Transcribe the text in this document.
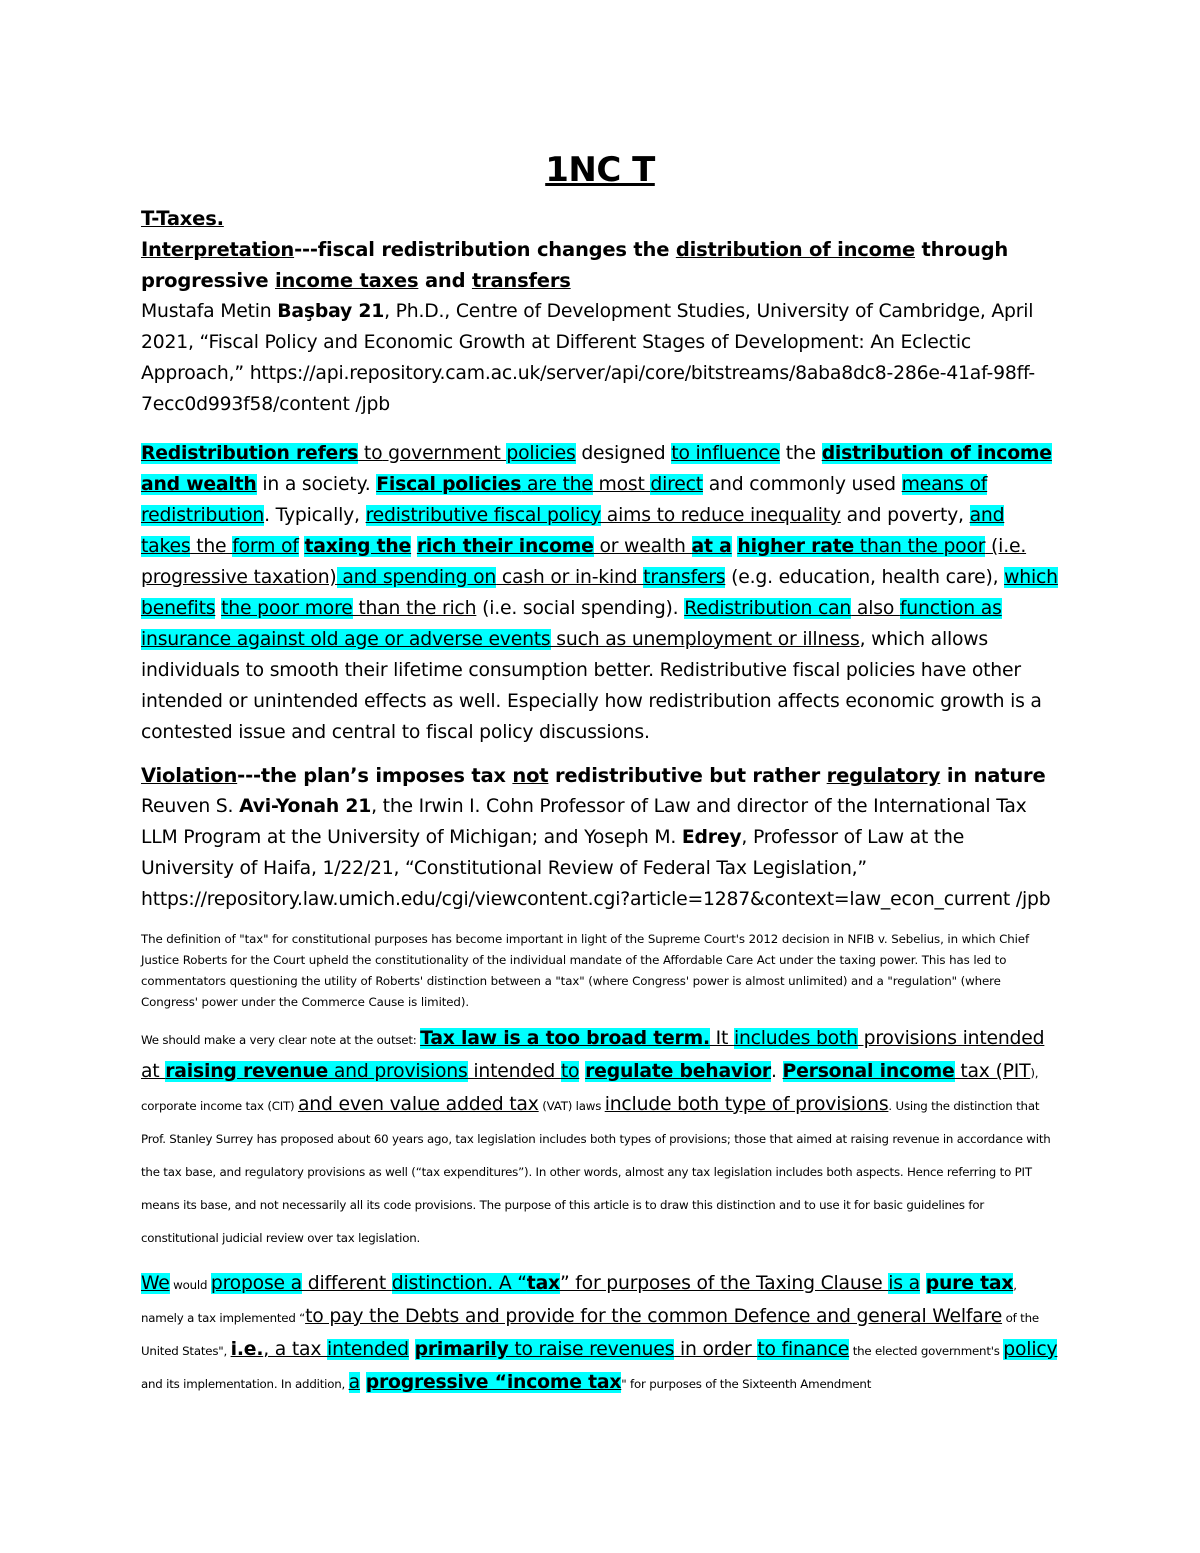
1NC T

T-Taxes.

Interpretation---fiscal redistribution changes the distribution of income through progressive income taxes and transfers

Mustafa Metin Başbay 21, Ph.D., Centre of Development Studies, University of Cambridge, April 2021, “Fiscal Policy and Economic Growth at Different Stages of Development: An Eclectic Approach,” https://api.repository.cam.ac.uk/server/api/core/bitstreams/8aba8dc8-286e-41af-98ff-7ecc0d993f58/content /jpb

Redistribution refers to government policies designed to influence the distribution of income and wealth in a society. Fiscal policies are the most direct and commonly used means of redistribution. Typically, redistributive fiscal policy aims to reduce inequality and poverty, and takes the form of taxing the rich their income or wealth at a higher rate than the poor (i.e. progressive taxation) and spending on cash or in-kind transfers (e.g. education, health care), which benefits the poor more than the rich (i.e. social spending). Redistribution can also function as insurance against old age or adverse events such as unemployment or illness, which allows individuals to smooth their lifetime consumption better. Redistributive fiscal policies have other intended or unintended effects as well. Especially how redistribution affects economic growth is a contested issue and central to fiscal policy discussions.

Violation---the plan’s imposes tax not redistributive but rather regulatory in nature

Reuven S. Avi-Yonah 21, the Irwin I. Cohn Professor of Law and director of the International Tax LLM Program at the University of Michigan; and Yoseph M. Edrey, Professor of Law at the University of Haifa, 1/22/21, “Constitutional Review of Federal Tax Legislation,” https://repository.law.umich.edu/cgi/viewcontent.cgi?article=1287&context=law_econ_current /jpb

The definition of "tax" for constitutional purposes has become important in light of the Supreme Court's 2012 decision in NFIB v. Sebelius, in which Chief Justice Roberts for the Court upheld the constitutionality of the individual mandate of the Affordable Care Act under the taxing power. This has led to commentators questioning the utility of Roberts' distinction between a "tax" (where Congress' power is almost unlimited) and a "regulation" (where Congress' power under the Commerce Cause is limited).

We should make a very clear note at the outset: Tax law is a too broad term. It includes both provisions intended at raising revenue and provisions intended to regulate behavior. Personal income tax (PIT), corporate income tax (CIT) and even value added tax (VAT) laws include both type of provisions. Using the distinction that Prof. Stanley Surrey has proposed about 60 years ago, tax legislation includes both types of provisions; those that aimed at raising revenue in accordance with the tax base, and regulatory provisions as well (“tax expenditures”). In other words, almost any tax legislation includes both aspects. Hence referring to PIT means its base, and not necessarily all its code provisions. The purpose of this article is to draw this distinction and to use it for basic guidelines for constitutional judicial review over tax legislation.

We would propose a different distinction. A “tax” for purposes of the Taxing Clause is a pure tax, namely a tax implemented “to pay the Debts and provide for the common Defence and general Welfare of the United States", i.e., a tax intended primarily to raise revenues in order to finance the elected government's policy and its implementation. In addition, a progressive “income tax" for purposes of the Sixteenth Amendment
